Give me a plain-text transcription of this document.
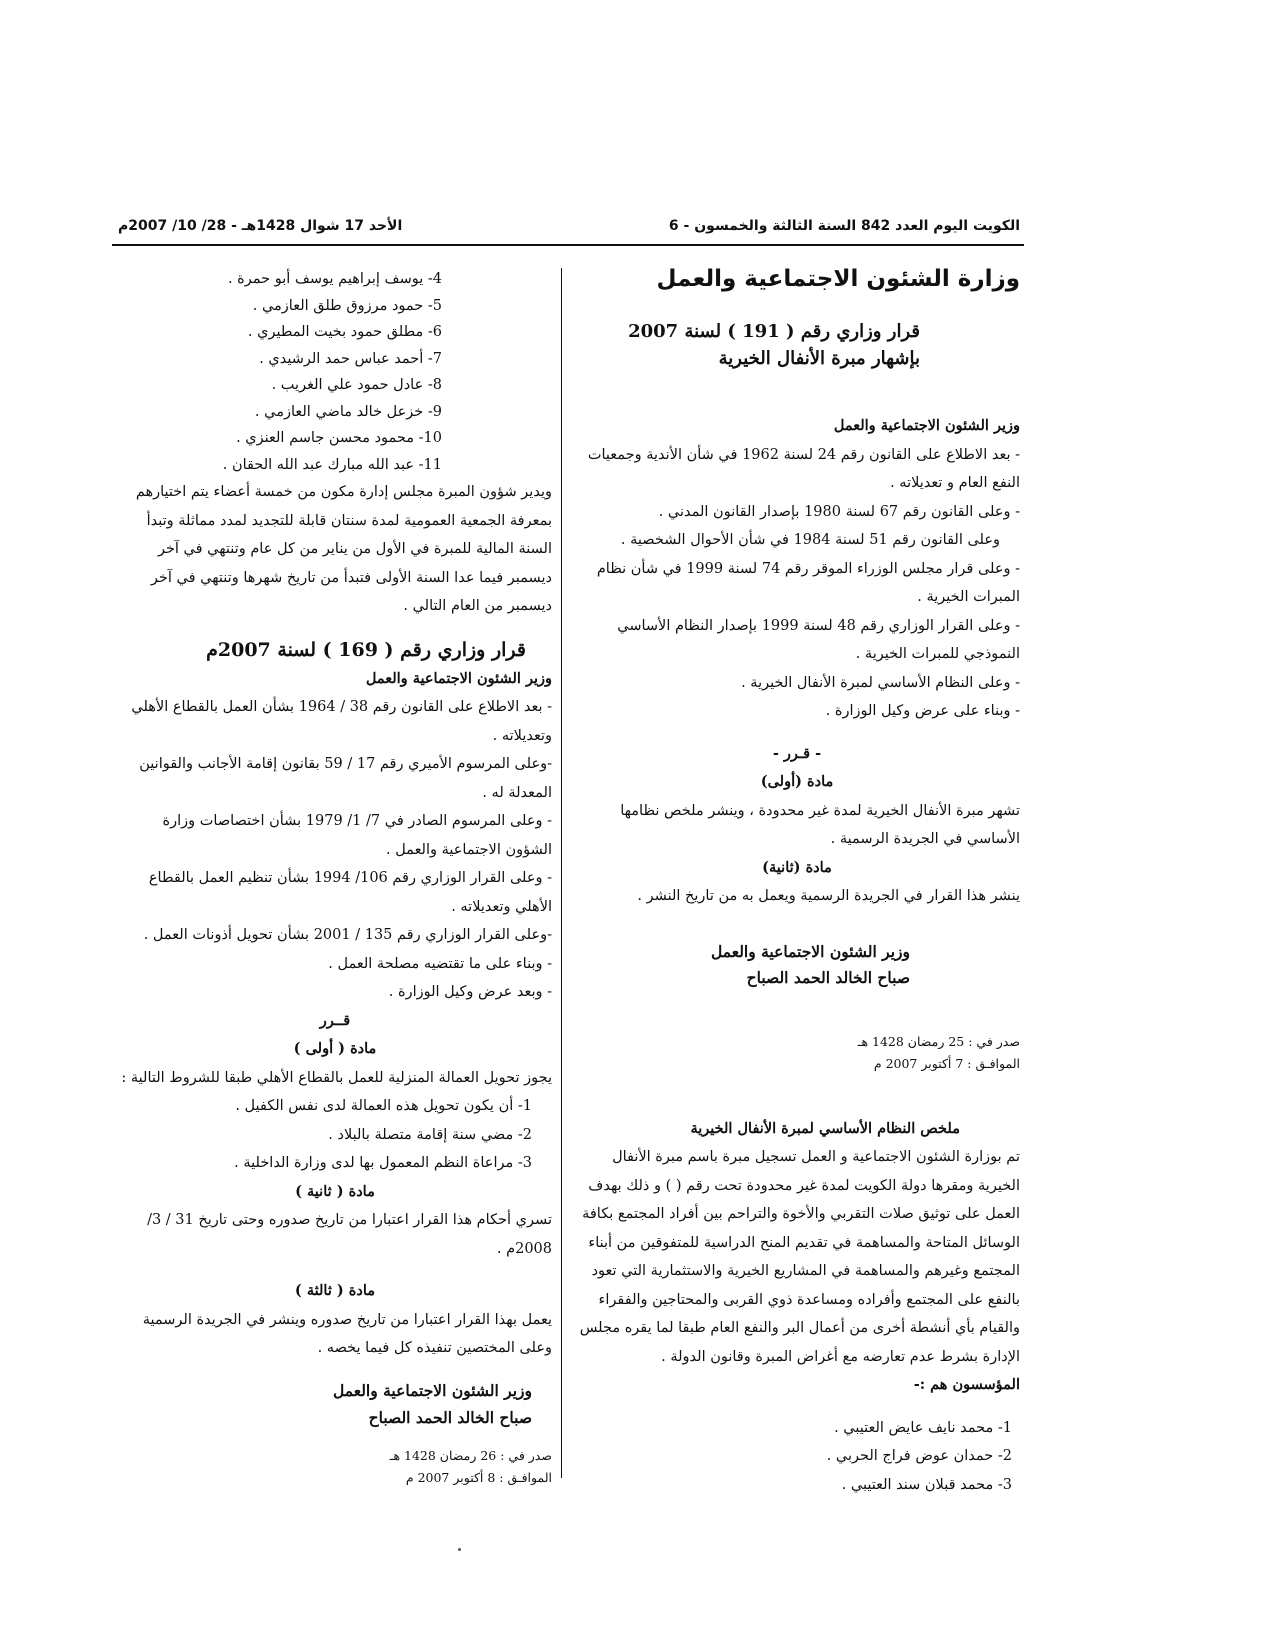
الكويت اليوم العدد 842 السنة الثالثة والخمسون - 6
الأحد 17 شوال 1428هـ - 28/ 10/ 2007م

وزارة الشئون الاجتماعية والعمل

قرار وزاري رقم ( 191 ) لسنة 2007

بإشهار مبرة الأنفال الخيرية

وزير الشئون الاجتماعية والعمل

- بعد الاطلاع على القانون رقم 24 لسنة 1962 في شأن الأندية وجمعيات النفع العام و تعديلاته .

- وعلى القانون رقم 67 لسنة 1980 بإصدار القانون المدني .

وعلى القانون رقم 51 لسنة 1984 في شأن الأحوال الشخصية .

- وعلى قرار مجلس الوزراء الموقر رقم 74 لسنة 1999 في شأن نظام المبرات الخيرية .

- وعلى القرار الوزاري رقم 48 لسنة 1999 بإصدار النظام الأساسي النموذجي للمبرات الخيرية .

- وعلى النظام الأساسي لمبرة الأنفال الخيرية .

- وبناء على عرض وكيل الوزارة .

- قـرر -

مادة (أولى)

تشهر مبرة الأنفال الخيرية لمدة غير محدودة ، وينشر ملخص نظامها الأساسي في الجريدة الرسمية .

مادة (ثانية)

ينشر هذا القرار في الجريدة الرسمية ويعمل به من تاريخ النشر .

وزير الشئون الاجتماعية والعمل

صباح الخالد الحمد الصباح

صدر في : 25 رمضان 1428 هـ

الموافـق : 7 أكتوبر 2007 م

ملخص النظام الأساسي لمبرة الأنفال الخيرية

تم بوزارة الشئون الاجتماعية و العمل تسجيل مبرة باسم مبرة الأنفال الخيرية ومقرها دولة الكويت لمدة غير محدودة تحت رقم ( ) و ذلك بهدف العمل على توثيق صلات التقربي والأخوة والتراحم بين أفراد المجتمع بكافة الوسائل المتاحة والمساهمة في تقديم المنح الدراسية للمتفوقين من أبناء المجتمع وغيرهم والمساهمة في المشاريع الخيرية والاستثمارية التي تعود بالنفع على المجتمع وأفراده ومساعدة ذوي القربى والمحتاجين والفقراء والقيام بأي أنشطة أخرى من أعمال البر والنفع العام طبقا لما يقره مجلس الإدارة بشرط عدم تعارضه مع أغراض المبرة وقانون الدولة .

المؤسسون هم :-

1- محمد نايف عايض العتيبي .
2- حمدان عوض فراج الحربي .
3- محمد قبلان سند العتيبي .
4- يوسف إبراهيم يوسف أبو حمرة .
5- حمود مرزوق طلق العازمي .
6- مطلق حمود بخيت المطيري .
7- أحمد عباس حمد الرشيدي .
8- عادل حمود علي الغريب .
9- خزعل خالد ماضي العازمي .
10- محمود محسن جاسم العنزي .
11- عبد الله مبارك عبد الله الحقان .

ويدير شؤون المبرة مجلس إدارة مكون من خمسة أعضاء يتم اختيارهم بمعرفة الجمعية العمومية لمدة سنتان قابلة للتجديد لمدد مماثلة وتبدأ السنة المالية للمبرة في الأول من يناير من كل عام وتنتهي في آخر ديسمبر فيما عدا السنة الأولى فتبدأ من تاريخ شهرها وتنتهي في آخر ديسمبر من العام التالي .

قرار وزاري رقم ( 169 ) لسنة 2007م

وزير الشئون الاجتماعية والعمل

- بعد الاطلاع على القانون رقم 38 / 1964 بشأن العمل بالقطاع الأهلي وتعديلاته .

-وعلى المرسوم الأميري رقم 17 / 59 بقانون إقامة الأجانب والقوانين المعدلة له .

- وعلى المرسوم الصادر في 7/ 1/ 1979 بشأن اختصاصات وزارة الشؤون الاجتماعية والعمل .

- وعلى القرار الوزاري رقم 106/ 1994 بشأن تنظيم العمل بالقطاع الأهلي وتعديلاته .

-وعلى القرار الوزاري رقم 135 / 2001 بشأن تحويل أذونات العمل .

- وبناء على ما تقتضيه مصلحة العمل .

- وبعد عرض وكيل الوزارة .

قــرر

مادة ( أولى )

يجوز تحويل العمالة المنزلية للعمل بالقطاع الأهلي طبقا للشروط التالية :

1- أن يكون تحويل هذه العمالة لدى نفس الكفيل .

2- مضي سنة إقامة متصلة بالبلاد .

3- مراعاة النظم المعمول بها لدى وزارة الداخلية .

مادة ( ثانية )

تسري أحكام هذا القرار اعتبارا من تاريخ صدوره وحتى تاريخ 31 / 3/ 2008م .

مادة ( ثالثة )

يعمل بهذا القرار اعتبارا من تاريخ صدوره وينشر في الجريدة الرسمية وعلى المختصين تنفيذه كل فيما يخصه .

وزير الشئون الاجتماعية والعمل

صباح الخالد الحمد الصباح

صدر في : 26 رمضان 1428 هـ

الموافـق : 8 أكتوبر 2007 م
